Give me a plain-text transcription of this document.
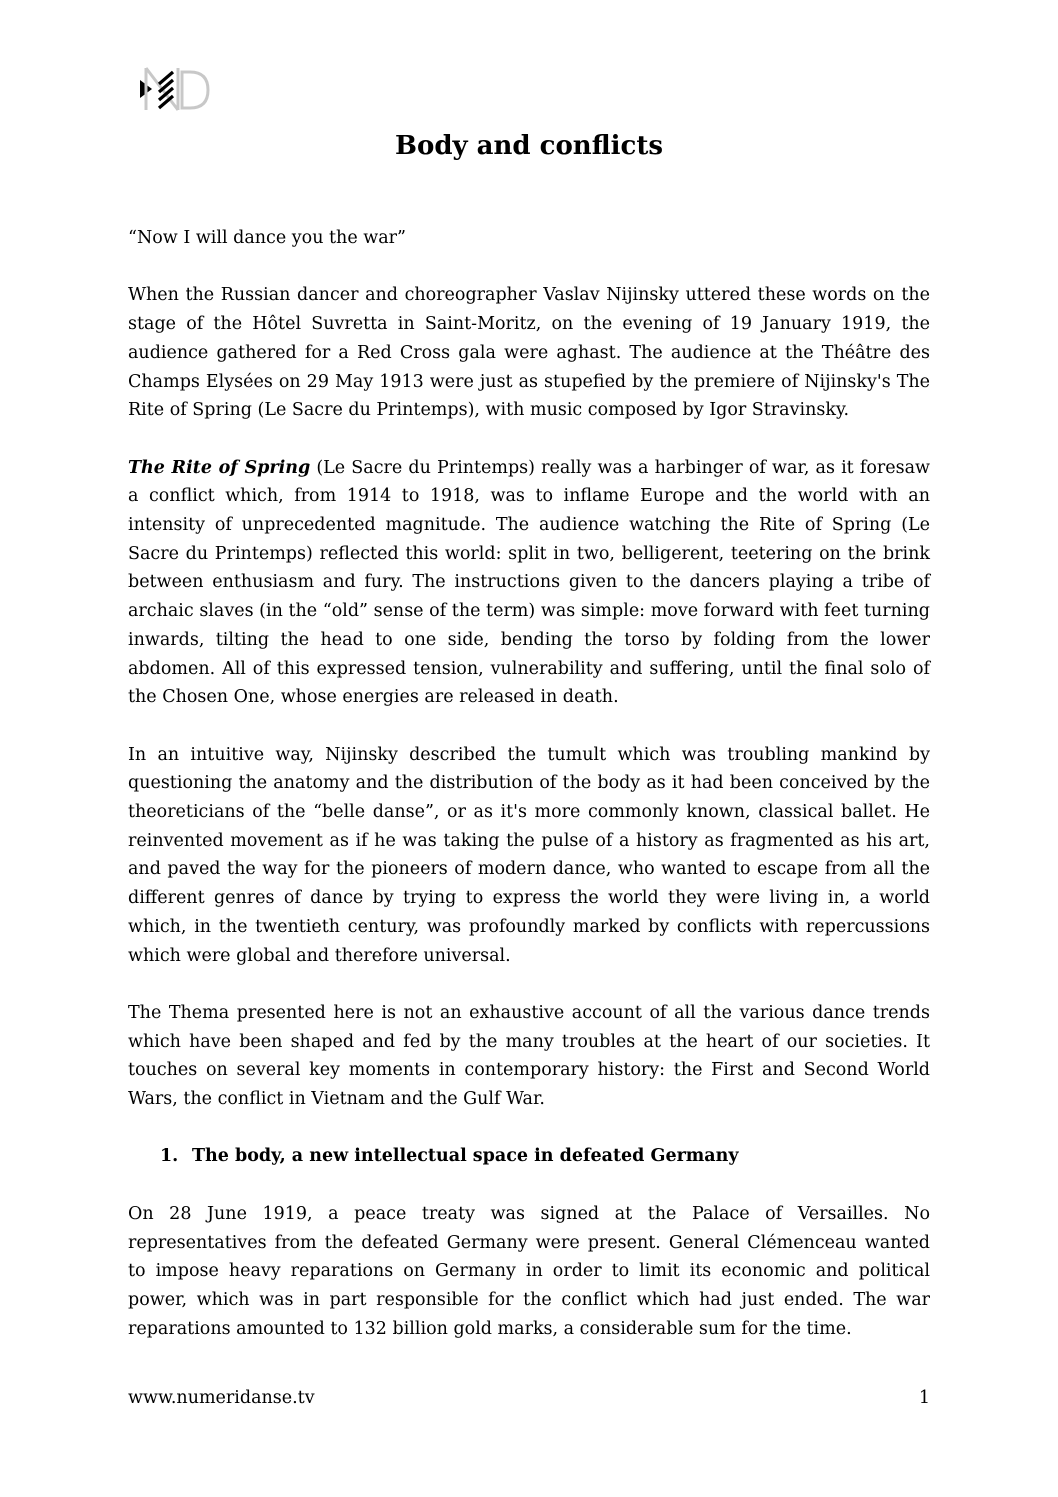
Body and conflicts

“Now I will dance you the war”

When the Russian dancer and choreographer Vaslav Nijinsky uttered these words on the stage of the Hôtel Suvretta in Saint-Moritz, on the evening of 19 January 1919, the audience gathered for a Red Cross gala were aghast. The audience at the Théâtre des Champs Elysées on 29 May 1913 were just as stupefied by the premiere of Nijinsky's The Rite of Spring (Le Sacre du Printemps), with music composed by Igor Stravinsky.

The Rite of Spring (Le Sacre du Printemps) really was a harbinger of war, as it foresaw a conflict which, from 1914 to 1918, was to inflame Europe and the world with an intensity of unprecedented magnitude. The audience watching the Rite of Spring (Le Sacre du Printemps) reflected this world: split in two, belligerent, teetering on the brink between enthusiasm and fury. The instructions given to the dancers playing a tribe of archaic slaves (in the “old” sense of the term) was simple: move forward with feet turning inwards, tilting the head to one side, bending the torso by folding from the lower abdomen. All of this expressed tension, vulnerability and suffering, until the final solo of the Chosen One, whose energies are released in death.

In an intuitive way, Nijinsky described the tumult which was troubling mankind by questioning the anatomy and the distribution of the body as it had been conceived by the theoreticians of the “belle danse”, or as it's more commonly known, classical ballet. He reinvented movement as if he was taking the pulse of a history as fragmented as his art, and paved the way for the pioneers of modern dance, who wanted to escape from all the different genres of dance by trying to express the world they were living in, a world which, in the twentieth century, was profoundly marked by conflicts with repercussions which were global and therefore universal.

The Thema presented here is not an exhaustive account of all the various dance trends which have been shaped and fed by the many troubles at the heart of our societies. It touches on several key moments in contemporary history: the First and Second World Wars, the conflict in Vietnam and the Gulf War.

1. The body, a new intellectual space in defeated Germany

On 28 June 1919, a peace treaty was signed at the Palace of Versailles. No representatives from the defeated Germany were present. General Clémenceau wanted to impose heavy reparations on Germany in order to limit its economic and political power, which was in part responsible for the conflict which had just ended. The war reparations amounted to 132 billion gold marks, a considerable sum for the time.

www.numeridanse.tv	1
